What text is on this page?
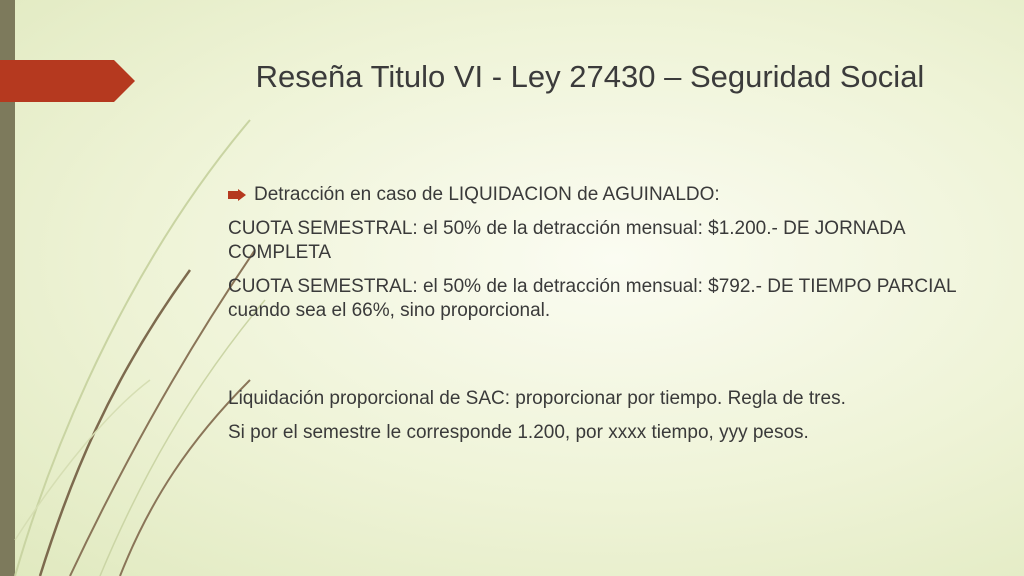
Reseña Titulo VI - Ley 27430 – Seguridad Social
Detracción en caso de LIQUIDACION de AGUINALDO:
CUOTA SEMESTRAL: el 50% de la detracción mensual: $1.200.- DE JORNADA COMPLETA
CUOTA SEMESTRAL: el 50% de la detracción mensual: $792.- DE TIEMPO PARCIAL cuando sea el 66%, sino proporcional.
Liquidación proporcional de SAC: proporcionar por tiempo. Regla de tres.
Si por el semestre le corresponde 1.200, por xxxx tiempo, yyy pesos.
